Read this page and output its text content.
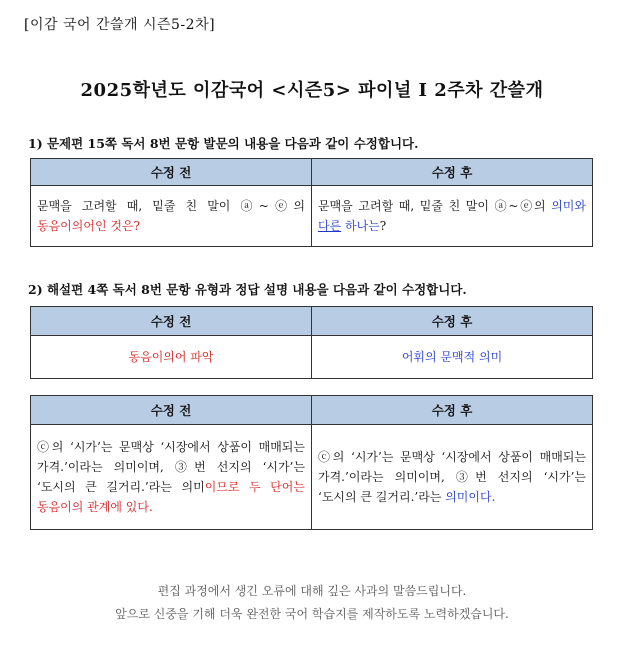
[이감 국어 간쓸개 시즌5-2차]
2025학년도 이감국어 <시즌5> 파이널 Ⅰ 2주차 간쓸개
1) 문제편 15쪽 독서 8번 문항 발문의 내용을 다음과 같이 수정합니다.
수정 전	수정 후
문맥을 고려할 때, 밑줄 친 말이 ⓐ~ⓔ의 동음이의어인 것은?	문맥을 고려할 때, 밑줄 친 말이 ⓐ~ⓔ의 의미와 다른 하나는?
2) 해설편 4쪽 독서 8번 문항 유형과 정답 설명 내용을 다음과 같이 수정합니다.
수정 전	수정 후
동음이의어 파악	어휘의 문맥적 의미
수정 전	수정 후
ⓒ의 ‘시가’는 문맥상 ‘시장에서 상품이 매매되는 가격.’이라는 의미이며, ③번 선지의 ‘시가’는 ‘도시의 큰 길거리.’라는 의미이므로 두 단어는 동음이의 관계에 있다.	ⓒ의 ‘시가’는 문맥상 ‘시장에서 상품이 매매되는 가격.’이라는 의미이며, ③번 선지의 ‘시가’는 ‘도시의 큰 길거리.’라는 의미이다.
편집 과정에서 생긴 오류에 대해 깊은 사과의 말씀드립니다.
앞으로 신중을 기해 더욱 완전한 국어 학습지를 제작하도록 노력하겠습니다.
